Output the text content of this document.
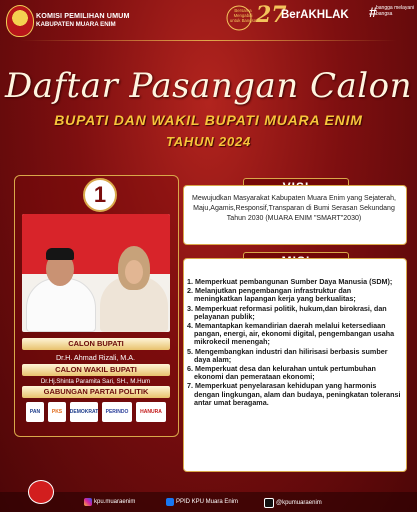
KOMISI PEMILIHAN UMUM
KABUPATEN MUARA ENIM
Bersama Mengabdi untuk Bangsa 27
BerAKHLAK # bangga melayani bangsa
Daftar Pasangan Calon
BUPATI DAN WAKIL BUPATI MUARA ENIM
TAHUN 2024
1
CALON BUPATI
Dr.H. Ahmad Rizali, M.A.
CALON WAKIL BUPATI
Dr.Hj.Shinta Paramita Sari, SH., M.Hum
GABUNGAN PARTAI POLITIK
PAN	PKS	DEMOKRAT	PERINDO	HANURA
Mewujudkan Masyarakat Kabupaten Muara Enim yang Sejaterah, Maju,Agamis,Responsif,Transparan di Bumi Serasan Sekundang Tahun 2030 (MUARA ENIM "SMART"2030)
1. Memperkuat pembangunan Sumber Daya Manusia (SDM);
2. Melanjutkan pengembangan infrastruktur dan meningkatkan lapangan kerja yang berkualitas;
3. Memperkuat reformasi politik, hukum,dan birokrasi, dan pelayanan publik;
4. Memantapkan kemandirian daerah melalui ketersediaan pangan, energi, air, ekonomi digital, pengembangan usaha mikrokecil menengah;
5. Mengembangkan industri dan hilirisasi berbasis sumber daya alam;
6. Memperkuat desa dan kelurahan untuk pertumbuhan ekonomi dan pemerataan ekonomi;
7. Memperkuat penyelarasan kehidupan yang harmonis dengan lingkungan, alam dan budaya, peningkatan toleransi antar umat beragama.
kpu.muaraenim	PPID KPU Muara Enim	@kpumuaraenim
